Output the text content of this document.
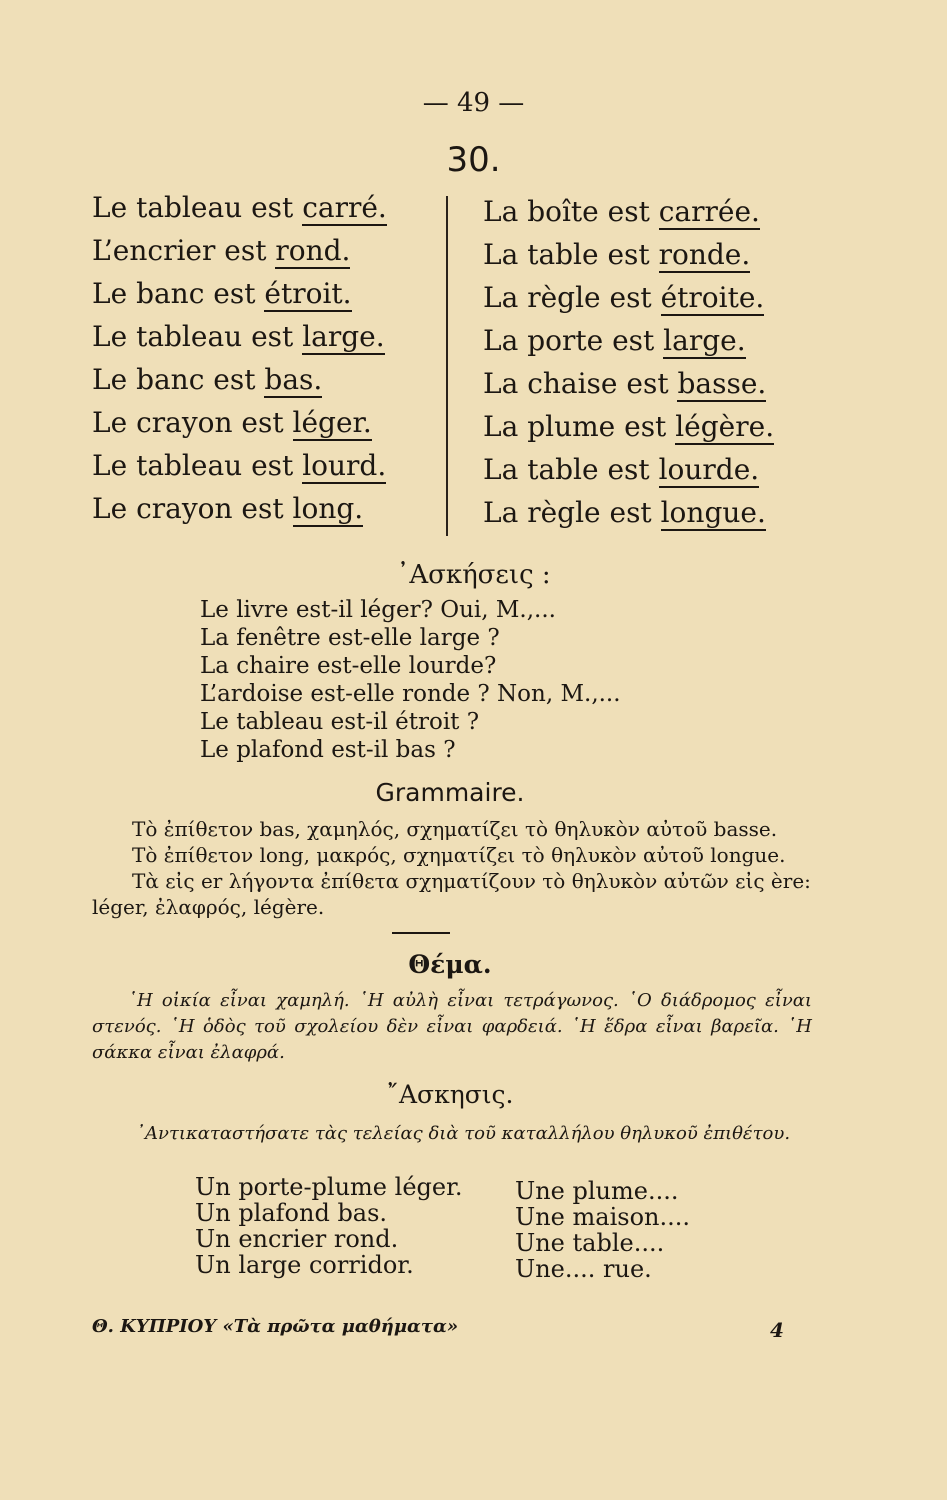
— 49 —
30.
Le tableau est carré.
L’encrier est rond.
Le banc est étroit.
Le tableau est large.
Le banc est bas.
Le crayon est léger.
Le tableau est lourd.
Le crayon est long.
La boîte est carrée.
La table est ronde.
La règle est étroite.
La porte est large.
La chaise est basse.
La plume est légère.
La table est lourde.
La règle est longue.
᾿Ασκήσεις :
Le livre est-il léger? Oui, M.,...
La fenêtre est-elle large ?
La chaire est-elle lourde?
L’ardoise est-elle ronde ? Non, M.,...
Le tableau est-il étroit ?
Le plafond est-il bas ?
Grammaire.

Τὸ ἐπίθετον bas, χαμηλός, σχηματίζει τὸ θηλυκὸν αὐτοῦ basse.

Τὸ ἐπίθετον long, μακρός, σχηματίζει τὸ θηλυκὸν αὐτοῦ longue.

Τὰ εἰς er λήγοντα ἐπίθετα σχηματίζουν τὸ θηλυκὸν αὐτῶν εἰς ère: léger, ἐλαφρός, légère.

Θέμα.

῾Η οἰκία εἶναι χαμηλή. ῾Η αὐλὴ εἶναι τετράγωνος. ῾Ο διάδρομος εἶναι στενός. ῾Η ὁδὸς τοῦ σχολείου δὲν εἶναι φαρδειά. ῾Η ἕδρα εἶναι βαρεῖα. ῾Η σάκκα εἶναι ἐλαφρά.

῎Ασκησις.

᾿Αντικαταστήσατε τὰς τελείας διὰ τοῦ καταλλήλου θηλυκοῦ ἐπιθέτου.

Un porte-plume léger.
Un plafond bas.
Un encrier rond.
Un large corridor.
Une plume....
Une maison....
Une table....
Une.... rue.
Θ. ΚΥΠΡΙΟΥ «Τὰ πρῶτα μαθήματα»	4
